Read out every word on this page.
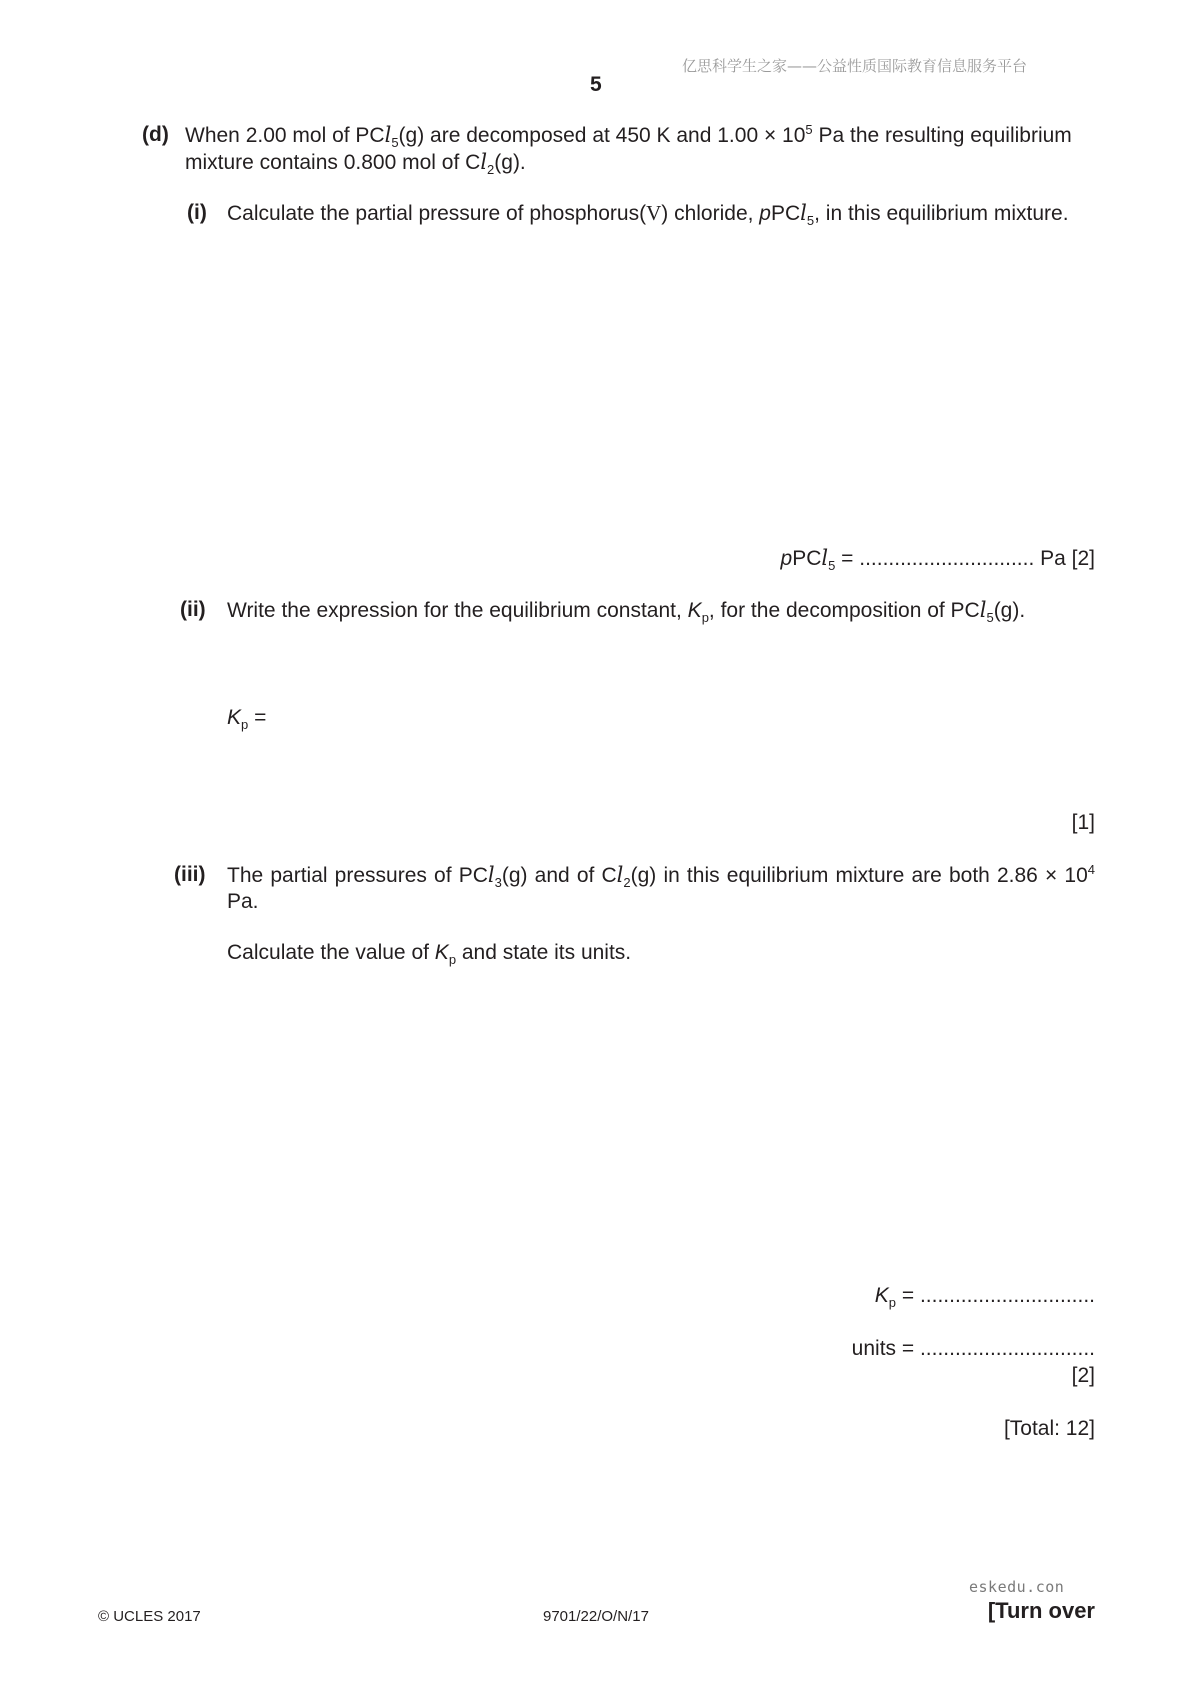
亿思科学生之家——公益性质国际教育信息服务平台
5
(d) When 2.00 mol of PCl$_5$(g) are decomposed at 450 K and $1.00 \times 10^5$ Pa the resulting equilibrium mixture contains 0.800 mol of $Cl_2(g)$.
(i) Calculate the partial pressure of phosphorus(V) chloride, pPCl$_5$, in this equilibrium mixture.
pPCl$_5$ = .............................. Pa [2]
(ii) Write the expression for the equilibrium constant, $K_p$, for the decomposition of PCl$_5$(g).
$K_p$ =
[1]
(iii) The partial pressures of PCl$_3$(g) and of $Cl_2(g)$ in this equilibrium mixture are both $2.86 \times 10^4$ Pa.
Calculate the value of $K_p$ and state its units.
$K_p$ = ..............................
units = ..............................
[2]
[Total: 12]
eskedu.con
© UCLES 2017	9701/22/O/N/17	[Turn over
